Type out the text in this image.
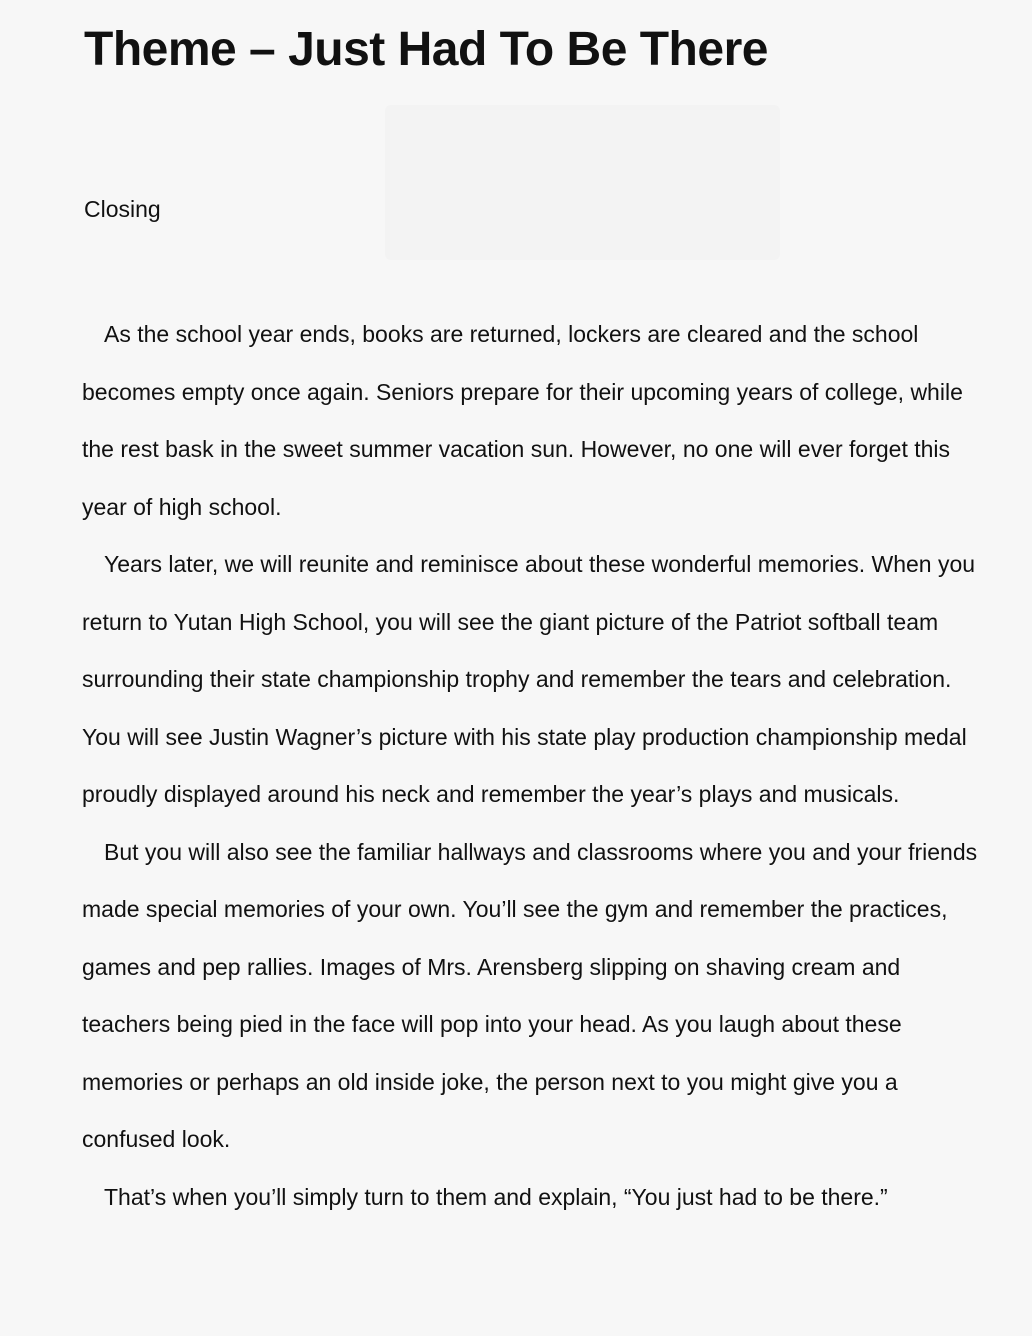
Theme – Just Had To Be There
Closing

As the school year ends, books are returned, lockers are cleared and the school becomes empty once again. Seniors prepare for their upcoming years of college, while the rest bask in the sweet summer vacation sun. However, no one will ever forget this year of high school.

Years later, we will reunite and reminisce about these wonderful memories. When you return to Yutan High School, you will see the giant picture of the Patriot softball team surrounding their state championship trophy and remember the tears and celebration. You will see Justin Wagner’s picture with his state play production championship medal proudly displayed around his neck and remember the year’s plays and musicals.

But you will also see the familiar hallways and classrooms where you and your friends made special memories of your own. You’ll see the gym and remember the practices, games and pep rallies. Images of Mrs. Arensberg slipping on shaving cream and teachers being pied in the face will pop into your head. As you laugh about these memories or perhaps an old inside joke, the person next to you might give you a confused look.

That’s when you’ll simply turn to them and explain, “You just had to be there.”
